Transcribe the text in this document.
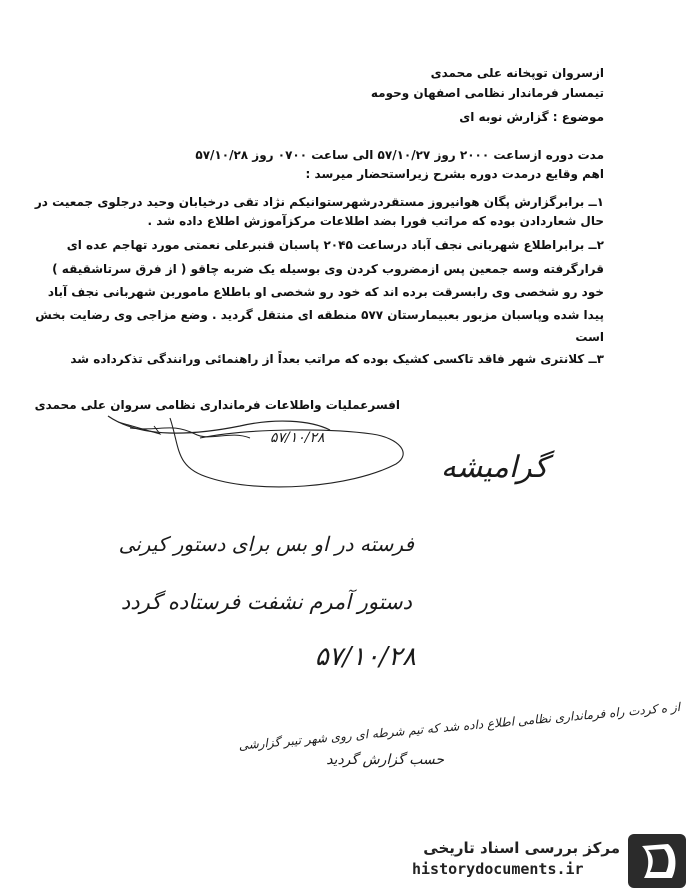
ازسروان توپخانه علی محمدی
تیمسار فرماندار نظامی اصفهان وحومه
موضوع : گزارش نوبه ای
مدت دوره ازساعت ۲۰۰۰ روز ۵۷/۱۰/۲۷ الی ساعت ۰۷۰۰ روز ۵۷/۱۰/۲۸
اهم وقایع درمدت دوره بشرح زیراستحضار میرسد :
۱ــ برابرگزارش پگان هوانیروز مستقردرشهرستوانیکم نژاد تقی درخیابان وحید درجلوی جمعیت در
حال شعاردادن بوده که مراتب فورا بضد اطلاعات مرکزآموزش اطلاع داده شد .
۲ــ برابراطلاع شهربانی نجف آباد درساعت ۲۰۴۵ پاسبان قنبرعلی نعمتی مورد تهاجم عده ای
قرارگرفته وسه جمعین پس ازمضروب کردن وی بوسیله یک ضربه چاقو ( از فرق سرتاشقیقه )
خود رو شخصی وی رابسرقت برده اند که خود رو شخصی او باطلاع ماموربن شهربانی نجف آباد
پیدا شده وپاسبان مزبور بعبیمارستان ۵۷۷ منطقه ای منتقل گردید . وضع مزاجی وی رضایت بخش
است
۳ــ کلانتری شهر فاقد تاکسی کشیک بوده که مراتب بعداً از راهنمائی ورانندگی تذکرداده شد
افسرعملیات واطلاعات فرمانداری نظامی سروان علی محمدی
۵۷/۱۰/۲۸
گرامیشه
فرسته در او بس برای دستور کیرنی
دستور آمرم نشفت فرستاده گردد
۵۷/۱۰/۲۸
از ه کردت راه فرمانداری نظامی اطلاع داده شد که تیم شرطه ای روی شهر تیبر گزارشی
حسب گزارش گردید
مرکز بررسی اسناد تاریخی
historydocuments.ir
